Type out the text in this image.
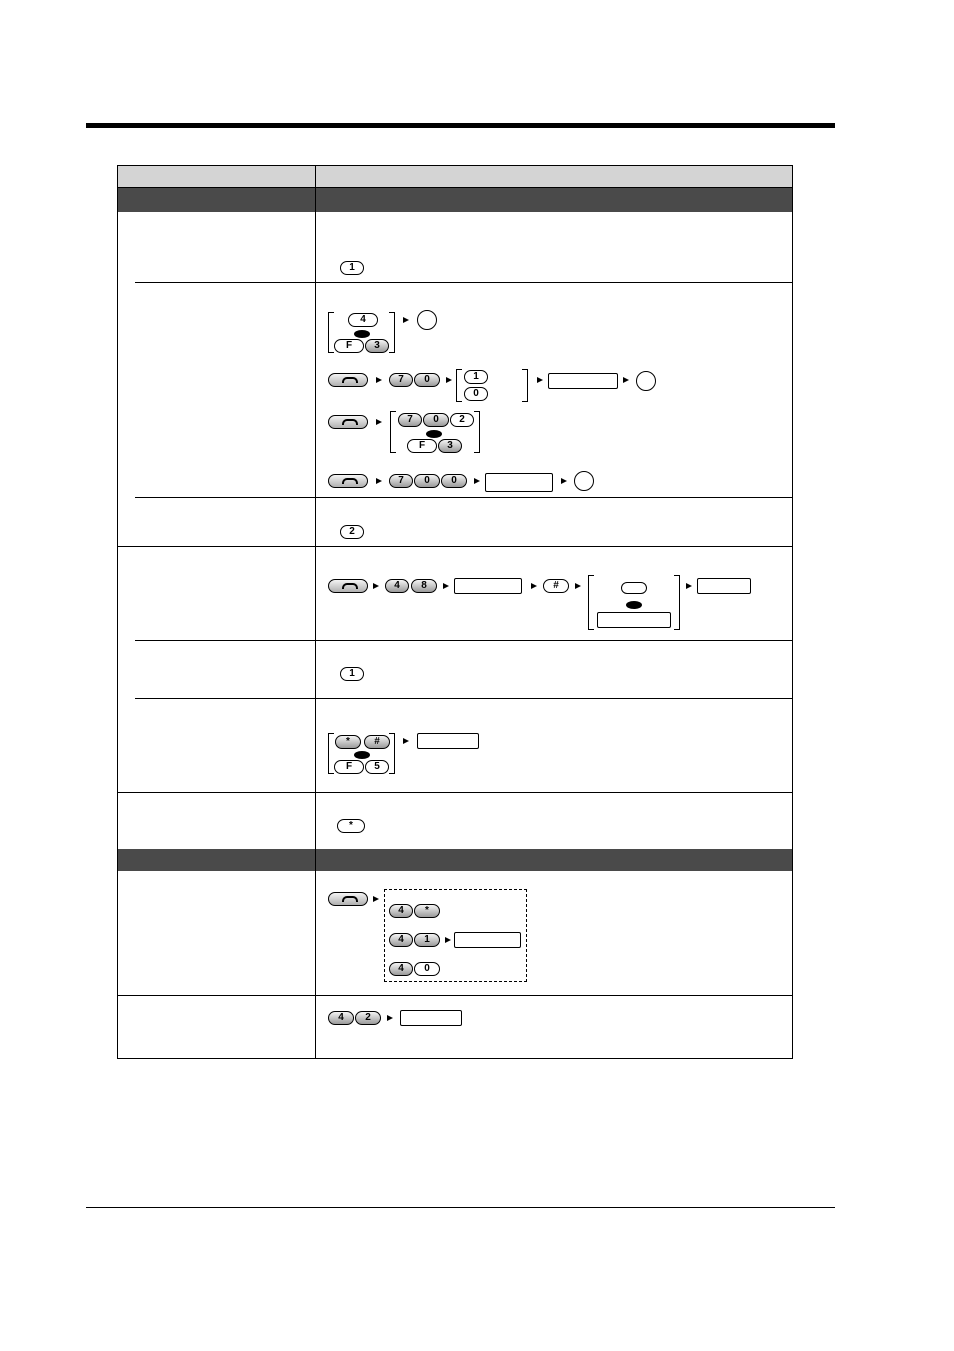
1
4
F	3
7	0	1
0
7	0	2
F	3
7	0	0
2
4	8	#
1
*	#
F	5
*
4	*
4	1
4	0
4	2
